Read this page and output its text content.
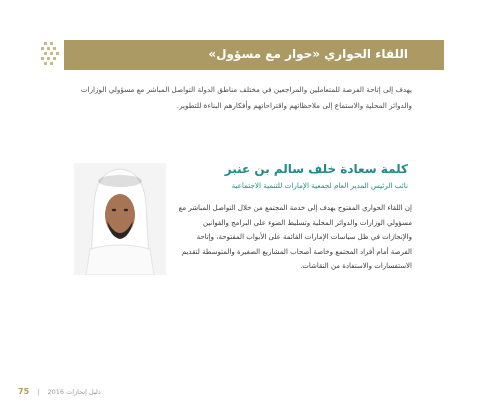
اللقاء الحواري «حوار مع مسؤول»
يهدف إلى إتاحة الفرصة للمتعاملين والمراجعين في مختلف مناطق الدولة التواصل المباشر مع مسؤولي الوزارات والدوائر المحلية والاستماع إلى ملاحظاتهم واقتراحاتهم وأفكارهم البناءة للتطوير.
كلمة سعادة خلف سالم بن عنبر
نائب الرئيس المدير العام لجمعية الإمارات للتنمية الاجتماعية
إن اللقاء الحواري المفتوح يهدف إلى خدمة المجتمع من خلال التواصل المباشر مع مسؤولي الوزارات والدوائر المحلية وتسليط الضوء على البرامج والقوانين والإنجازات في ظل سياسات الإمارات القائمة على الأبواب المفتوحة، وإتاحة الفرصة أمام أفراد المجتمع وخاصة أصحاب المشاريع الصغيرة والمتوسطة لتقديم الاستفسارات والاستفادة من النقاشات.
75 | دليل إنجازات 2016
